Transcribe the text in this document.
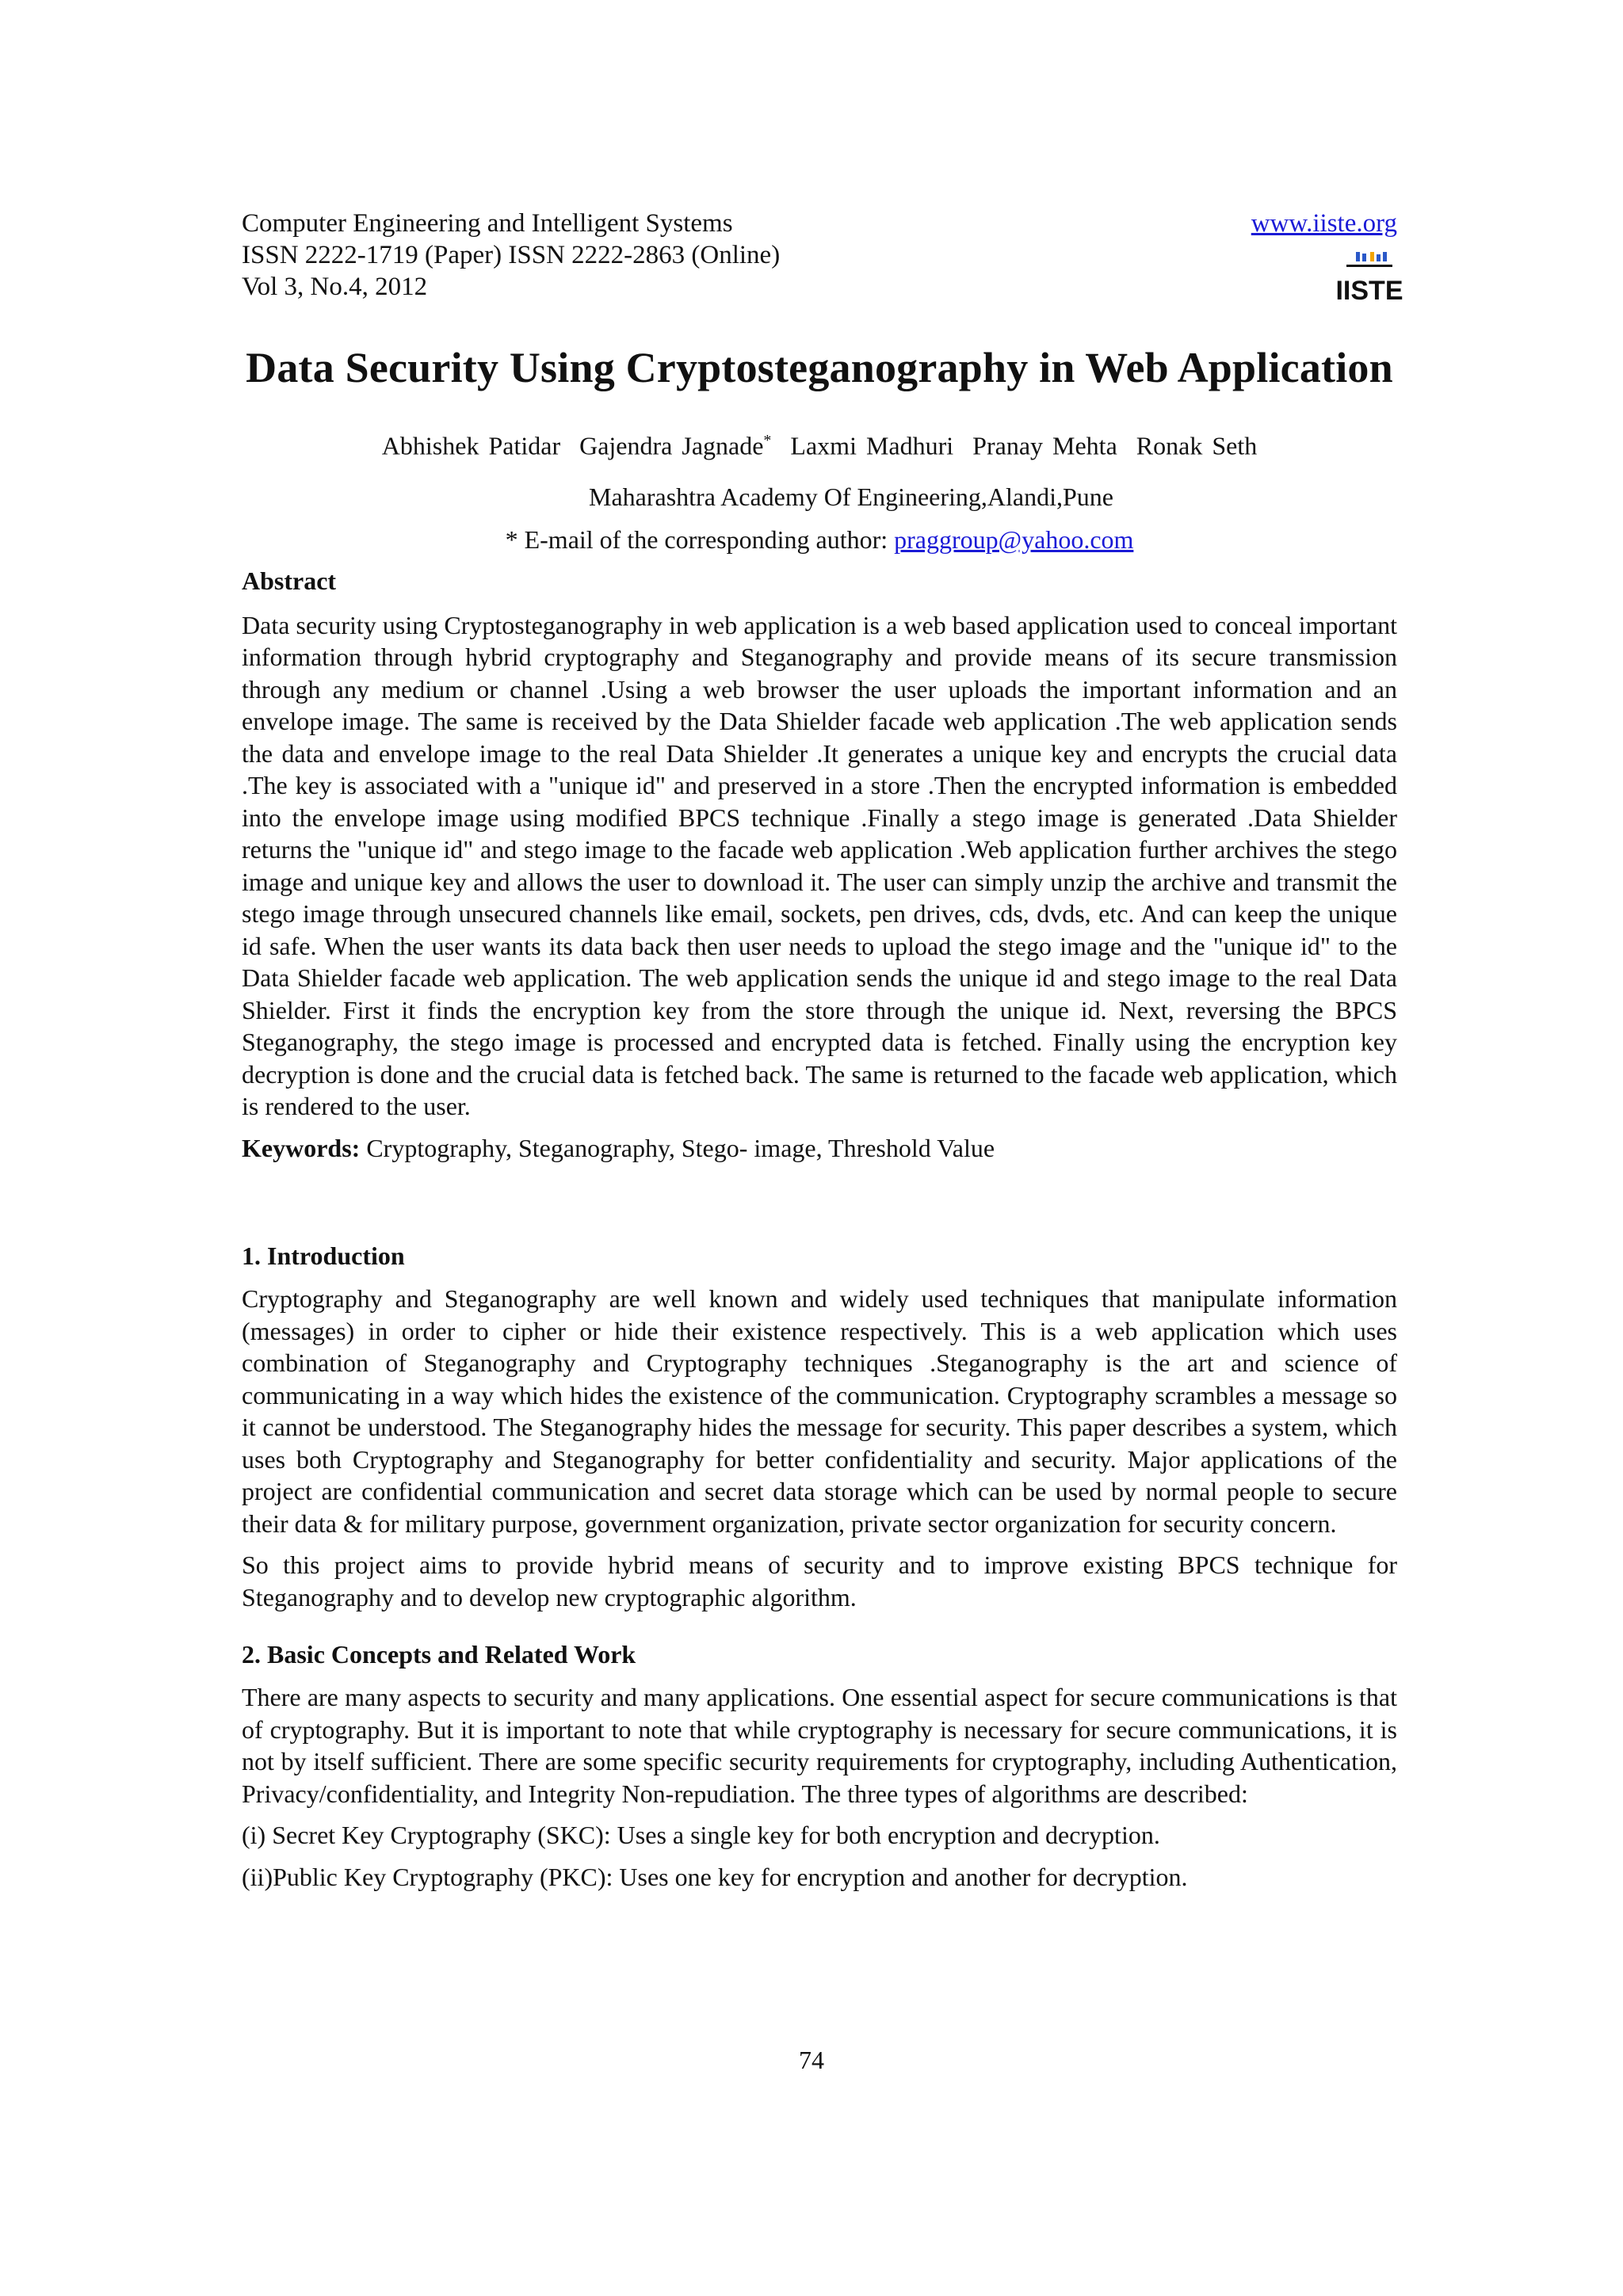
Computer Engineering and Intelligent Systems
ISSN 2222-1719 (Paper) ISSN 2222-2863 (Online)
Vol 3, No.4, 2012
www.iiste.org
IISTE
Data Security Using Cryptosteganography in Web Application
Abhishek Patidar Gajendra Jagnade* Laxmi Madhuri Pranay Mehta Ronak Seth
Maharashtra Academy Of Engineering,Alandi,Pune
* E-mail of the corresponding author: praggroup@yahoo.com
Abstract

Data security using Cryptosteganography in web application is a web based application used to conceal important information through hybrid cryptography and Steganography and provide means of its secure transmission through any medium or channel .Using a web browser the user uploads the important information and an envelope image. The same is received by the Data Shielder facade web application .The web application sends the data and envelope image to the real Data Shielder .It generates a unique key and encrypts the crucial data .The key is associated with a "unique id" and preserved in a store .Then the encrypted information is embedded into the envelope image using modified BPCS technique .Finally a stego image is generated .Data Shielder returns the "unique id" and stego image to the facade web application .Web application further archives the stego image and unique key and allows the user to download it. The user can simply unzip the archive and transmit the stego image through unsecured channels like email, sockets, pen drives, cds, dvds, etc. And can keep the unique id safe. When the user wants its data back then user needs to upload the stego image and the "unique id" to the Data Shielder facade web application. The web application sends the unique id and stego image to the real Data Shielder. First it finds the encryption key from the store through the unique id. Next, reversing the BPCS Steganography, the stego image is processed and encrypted data is fetched. Finally using the encryption key decryption is done and the crucial data is fetched back. The same is returned to the facade web application, which is rendered to the user.

Keywords: Cryptography, Steganography, Stego- image, Threshold Value

1. Introduction

Cryptography and Steganography are well known and widely used techniques that manipulate information (messages) in order to cipher or hide their existence respectively. This is a web application which uses combination of Steganography and Cryptography techniques .Steganography is the art and science of communicating in a way which hides the existence of the communication. Cryptography scrambles a message so it cannot be understood. The Steganography hides the message for security. This paper describes a system, which uses both Cryptography and Steganography for better confidentiality and security. Major applications of the project are confidential communication and secret data storage which can be used by normal people to secure their data & for military purpose, government organization, private sector organization for security concern.

So this project aims to provide hybrid means of security and to improve existing BPCS technique for Steganography and to develop new cryptographic algorithm.

2. Basic Concepts and Related Work

There are many aspects to security and many applications. One essential aspect for secure communications is that of cryptography. But it is important to note that while cryptography is necessary for secure communications, it is not by itself sufficient. There are some specific security requirements for cryptography, including Authentication, Privacy/confidentiality, and Integrity Non-repudiation. The three types of algorithms are described:

(i) Secret Key Cryptography (SKC): Uses a single key for both encryption and decryption.

(ii)Public Key Cryptography (PKC): Uses one key for encryption and another for decryption.

74
